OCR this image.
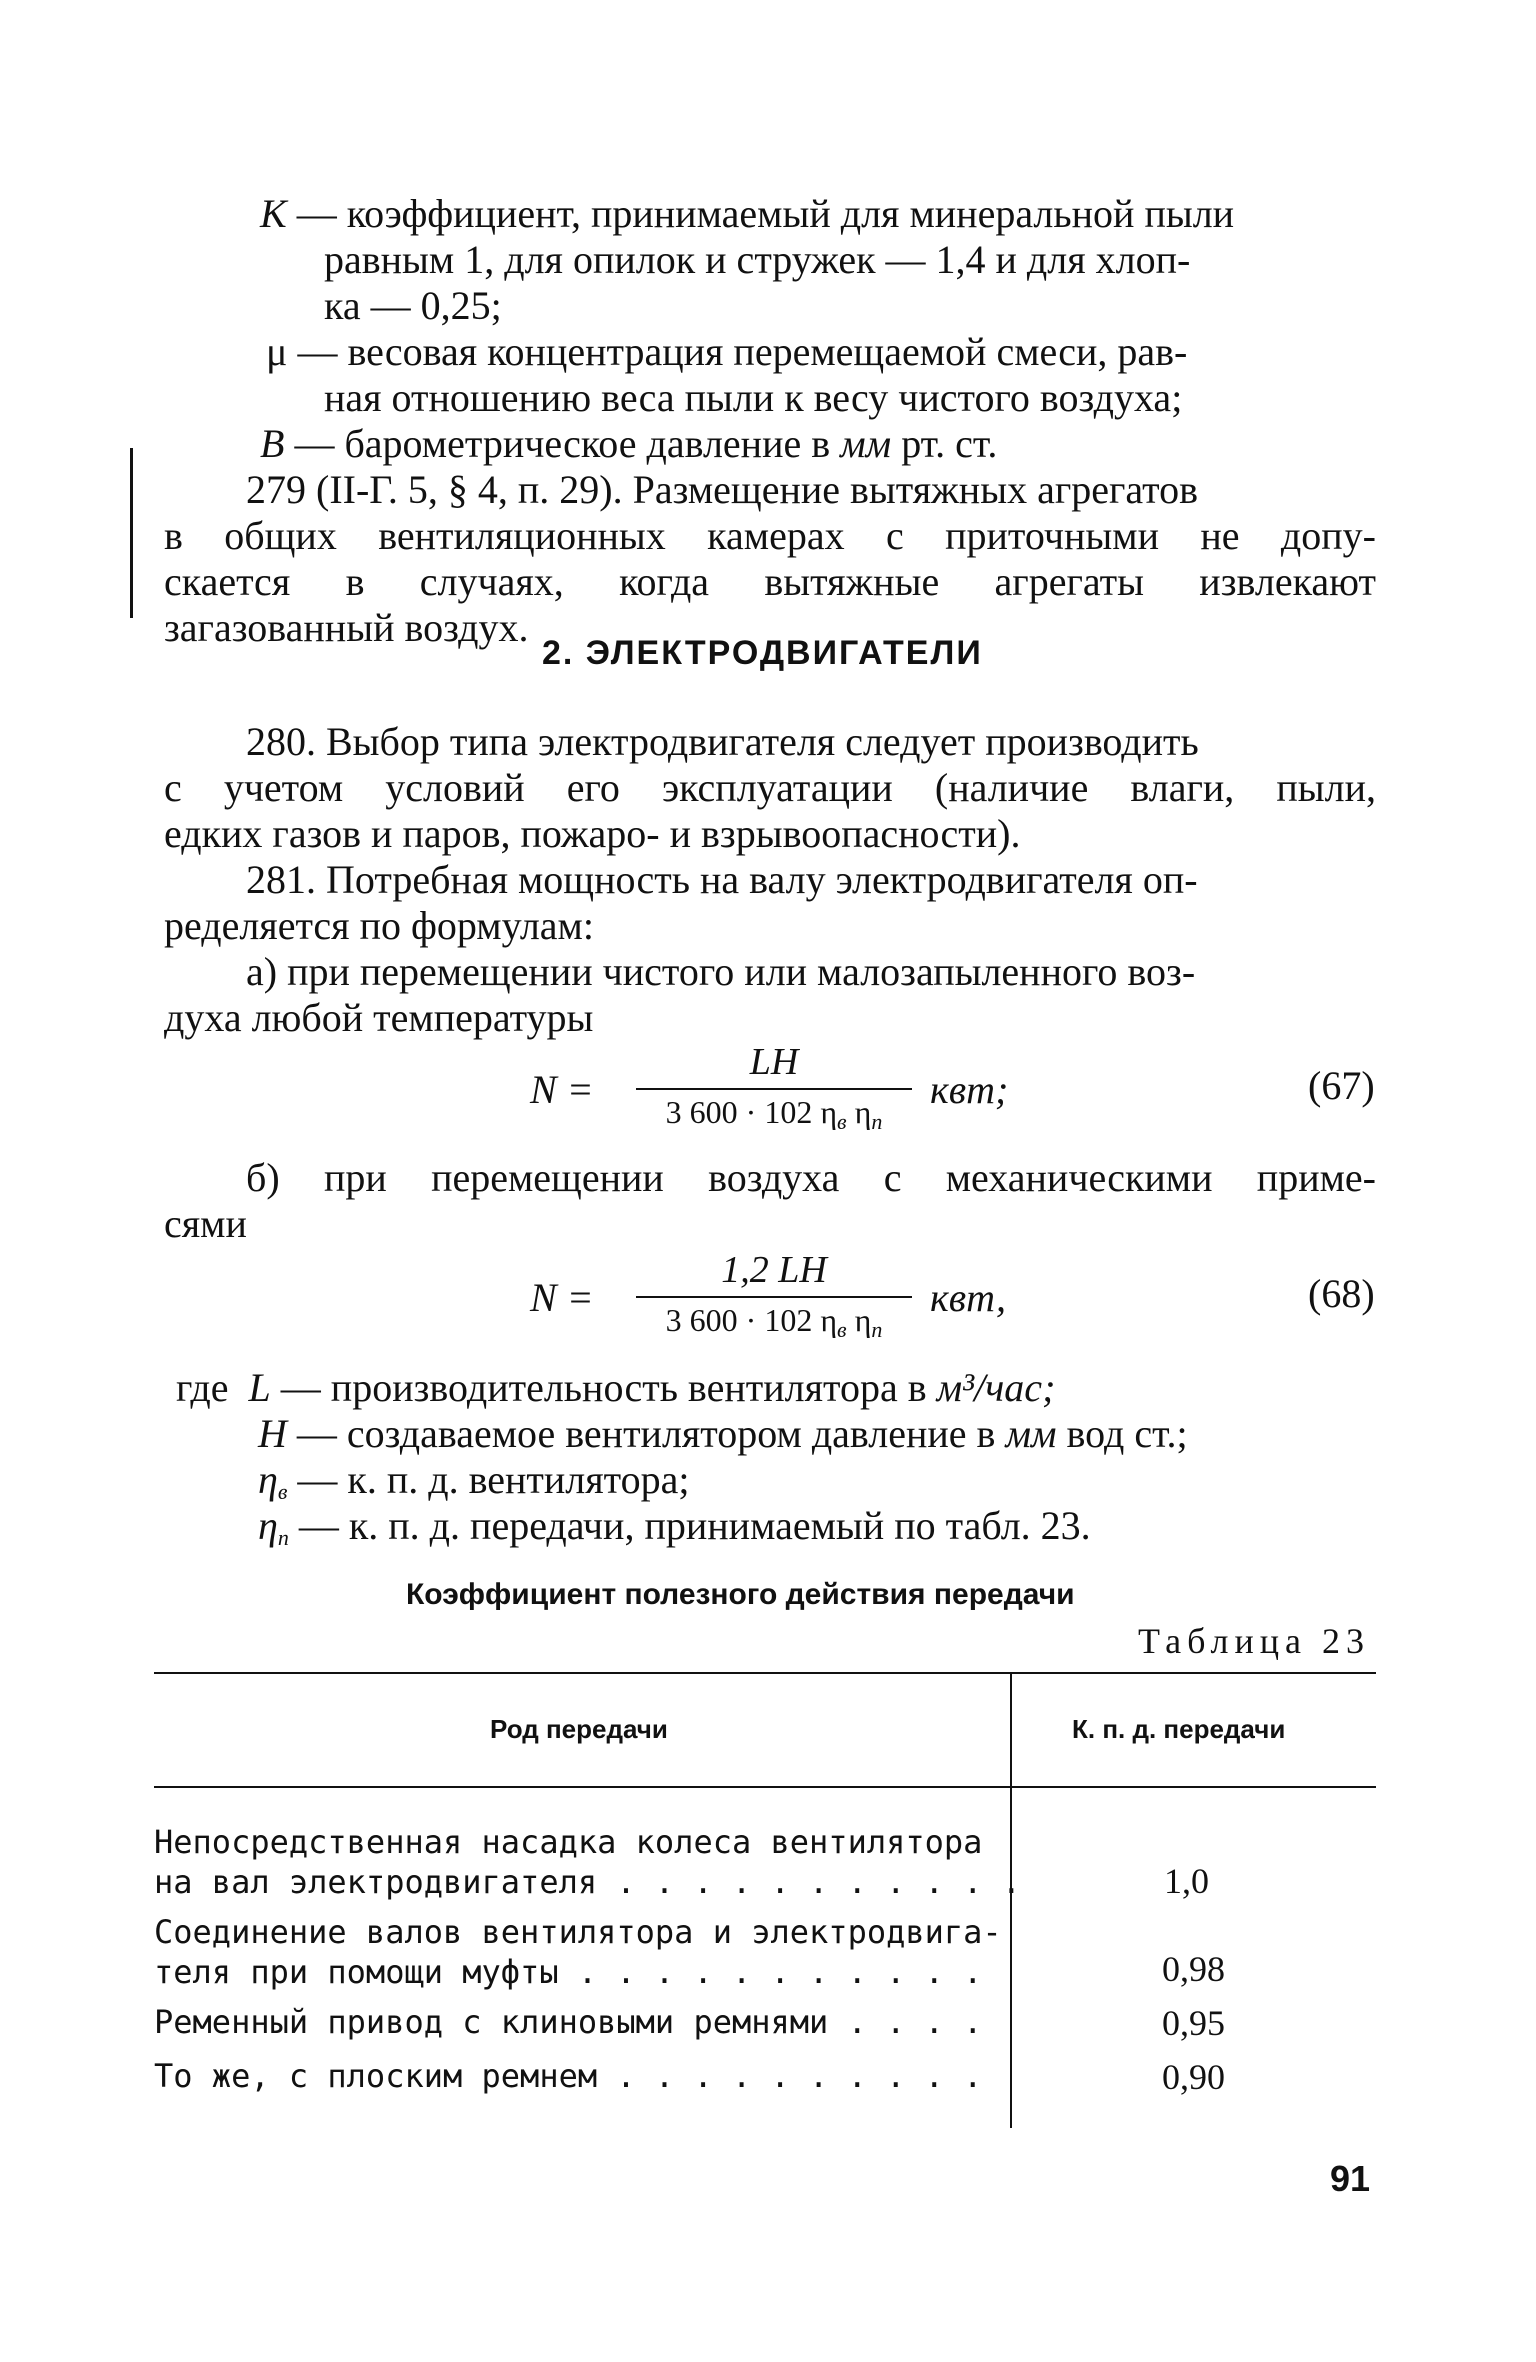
K — коэффициент, принимаемый для минеральной пыли
равным 1, для опилок и стружек — 1,4 и для хлоп-
ка — 0,25;
μ — весовая концентрация перемещаемой смеси, рав-
ная отношению веса пыли к весу чистого воздуха;
B — барометрическое давление в мм рт. ст.
279 (II-Г. 5, § 4, п. 29). Размещение вытяжных агрегатов
в общих вентиляционных камерах с приточными не допу-
скается в случаях, когда вытяжные агрегаты извлекают
загазованный воздух.
2. ЭЛЕКТРОДВИГАТЕЛИ
280. Выбор типа электродвигателя следует производить
с учетом условий его эксплуатации (наличие влаги, пыли,
едких газов и паров, пожаро- и взрывоопасности).
281. Потребная мощность на валу электродвигателя оп-
ределяется по формулам:
а) при перемещении чистого или малозапыленного воз-
духа любой температуры
N =
LH
3 600 · 102 $\eta_в$ $\eta_п$
квт;	(67)
б) при перемещении воздуха с механическими приме-
сями
N =
1,2 LH
3 600 · 102 $\eta_в$ $\eta_п$
квт,	(68)
где L — производительность вентилятора в м³/час;
H — создаваемое вентилятором давление в мм вод ст.;
$\eta_в$ — к. п. д. вентилятора;
$\eta_п$ — к. п. д. передачи, принимаемый по табл. 23.
Коэффициент полезного действия передачи
Таблица 23
Род передачи	К. п. д. передачи
Непосредственная насадка колеса вентилятора
на вал электродвигателя . . . . . . . . . . .	1,0
Соединение валов вентилятора и электродвига-
теля при помощи муфты . . . . . . . . . . .	0,98
Ременный привод с клиновыми ремнями . . . .	0,95
То же, с плоским ремнем . . . . . . . . . .	0,90
91
